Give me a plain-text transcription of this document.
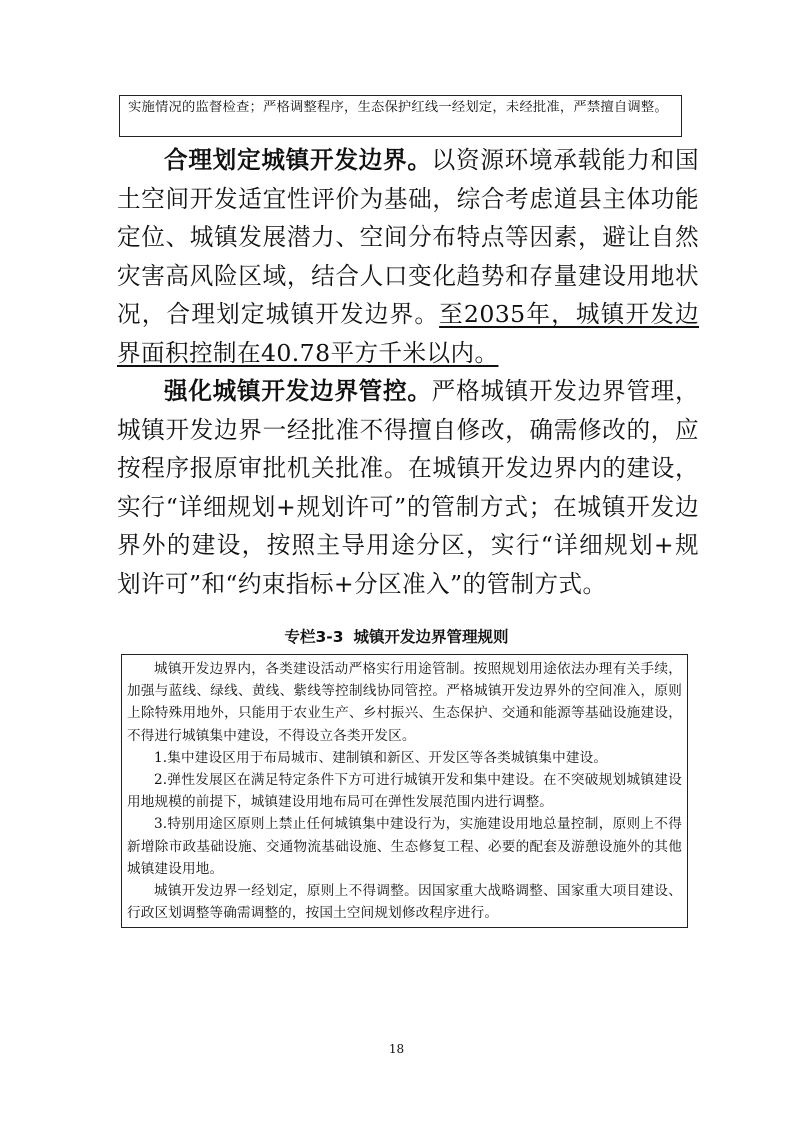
实施情况的监督检查；严格调整程序，生态保护红线一经划定，未经批准，严禁擅自调整。

合理划定城镇开发边界。以资源环境承载能力和国土空间开发适宜性评价为基础，综合考虑道县主体功能定位、城镇发展潜力、空间分布特点等因素，避让自然灾害高风险区域，结合人口变化趋势和存量建设用地状况，合理划定城镇开发边界。至2035年，城镇开发边界面积控制在40.78平方千米以内。

强化城镇开发边界管控。严格城镇开发边界管理，城镇开发边界一经批准不得擅自修改，确需修改的，应按程序报原审批机关批准。在城镇开发边界内的建设，实行“详细规划+规划许可”的管制方式；在城镇开发边界外的建设，按照主导用途分区，实行“详细规划+规划许可”和“约束指标+分区准入”的管制方式。

专栏3-3 城镇开发边界管理规则

城镇开发边界内，各类建设活动严格实行用途管制。按照规划用途依法办理有关手续，加强与蓝线、绿线、黄线、紫线等控制线协同管控。严格城镇开发边界外的空间准入，原则上除特殊用地外，只能用于农业生产、乡村振兴、生态保护、交通和能源等基础设施建设，不得进行城镇集中建设，不得设立各类开发区。

1.集中建设区用于布局城市、建制镇和新区、开发区等各类城镇集中建设。

2.弹性发展区在满足特定条件下方可进行城镇开发和集中建设。在不突破规划城镇建设用地规模的前提下，城镇建设用地布局可在弹性发展范围内进行调整。

3.特别用途区原则上禁止任何城镇集中建设行为，实施建设用地总量控制，原则上不得新增除市政基础设施、交通物流基础设施、生态修复工程、必要的配套及游憩设施外的其他城镇建设用地。

城镇开发边界一经划定，原则上不得调整。因国家重大战略调整、国家重大项目建设、行政区划调整等确需调整的，按国土空间规划修改程序进行。

18
